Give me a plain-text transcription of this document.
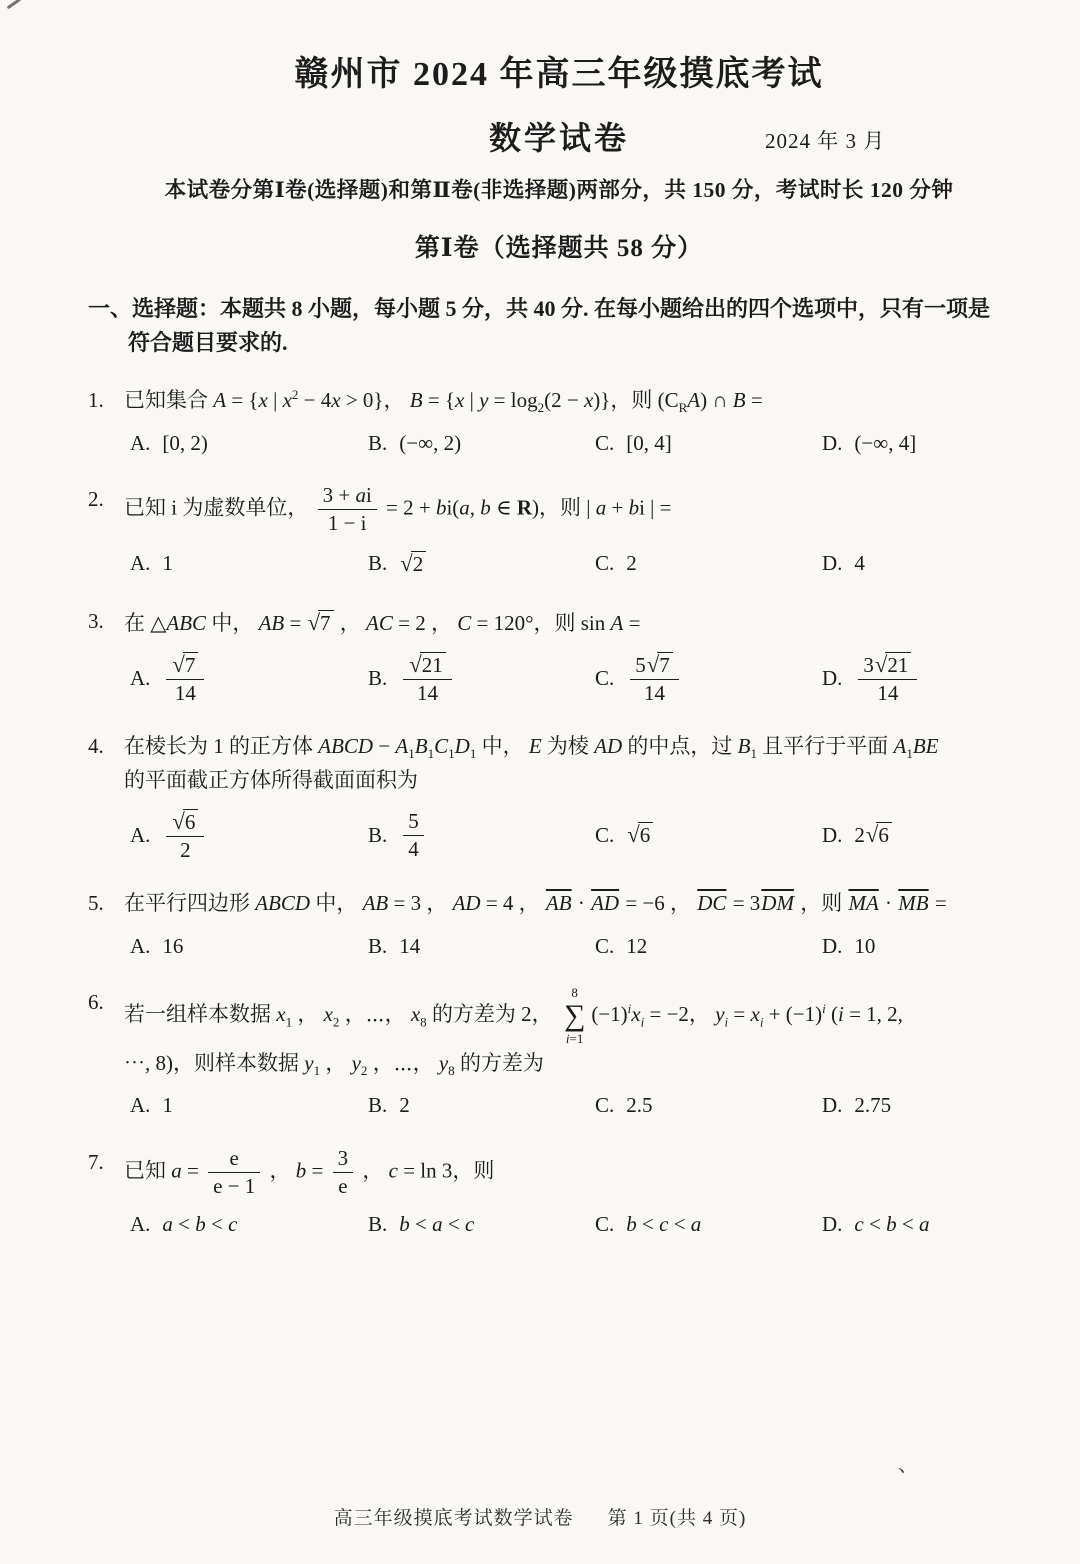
赣州市 2024 年高三年级摸底考试
数学试卷	2024 年 3 月
本试卷分第Ⅰ卷(选择题)和第Ⅱ卷(非选择题)两部分，共 150 分，考试时长 120 分钟
第Ⅰ卷（选择题共 58 分）
一、选择题：本题共 8 小题，每小题 5 分，共 40 分. 在每小题给出的四个选项中，只有一项是
符合题目要求的.
1. 已知集合 A = {x | $x^2 - 4x > 0$}， B = {x | $y = \log_2(2 - x)$}，则 $(C_RA)$ ∩ B =
A. [0, 2)	B. (−∞, 2)	C. [0, 4]	D. (−∞, 4]
2. 已知 i 为虚数单位， $\frac{3 + ai}{1 - i} = 2 + bi(a$, b ∈ R)，则 | a + bi | =
A. 1	B. √2	C. 2	D. 4
3. 在 △ABC 中， AB = √7 ， AC = 2 ， C = 120°，则 sin A =
A. $\frac{√7}{14}$	B. $\frac{√21}{14}$	C. $\frac{5√7}{14}$	D. $\frac{3√21}{14}$
4. 在棱长为 1 的正方体 ABCD − $A_1B_1C_1D_1$ 中， E 为棱 AD 的中点，过 $B_1$ 且平行于平面 $A_1BE$
的平面截正方体所得截面面积为
A. $\frac{√6}{2}$	B. $\frac{5}{4}$	C. √6	D. 2√6
5. 在平行四边形 ABCD 中， AB = 3 ， AD = 4 ， $\overline{AB} \cdot \overline{AD} = -6$ ， $\overline{DC} = 3\overline{DM}$ ，则 $\overline{MA} \cdot \overline{MB}$ =
A. 16	B. 14	C. 12	D. 10
6.
若一组样本数据 $x_1$ ， $x_2$ ，⋯， $x_8$ 的方差为 2，
8
∑
i=1
$(-1)^ix_i = -2$， $y_i = x_i + (-1)^i$ (i = 1, 2,
⋯, 8)，则样本数据 $y_1$ ， $y_2$ ，⋯， $y_8$ 的方差为
A. 1	B. 2	C. 2.5	D. 2.75
7. 已知 $a = \frac{e}{e - 1}$ ， $b = \frac{3}{e}$ ， c = ln 3，则
A. a < b < c	B. b < a < c	C. b < c < a	D. c < b < a
、
高三年级摸底考试数学试卷 第 1 页(共 4 页)
